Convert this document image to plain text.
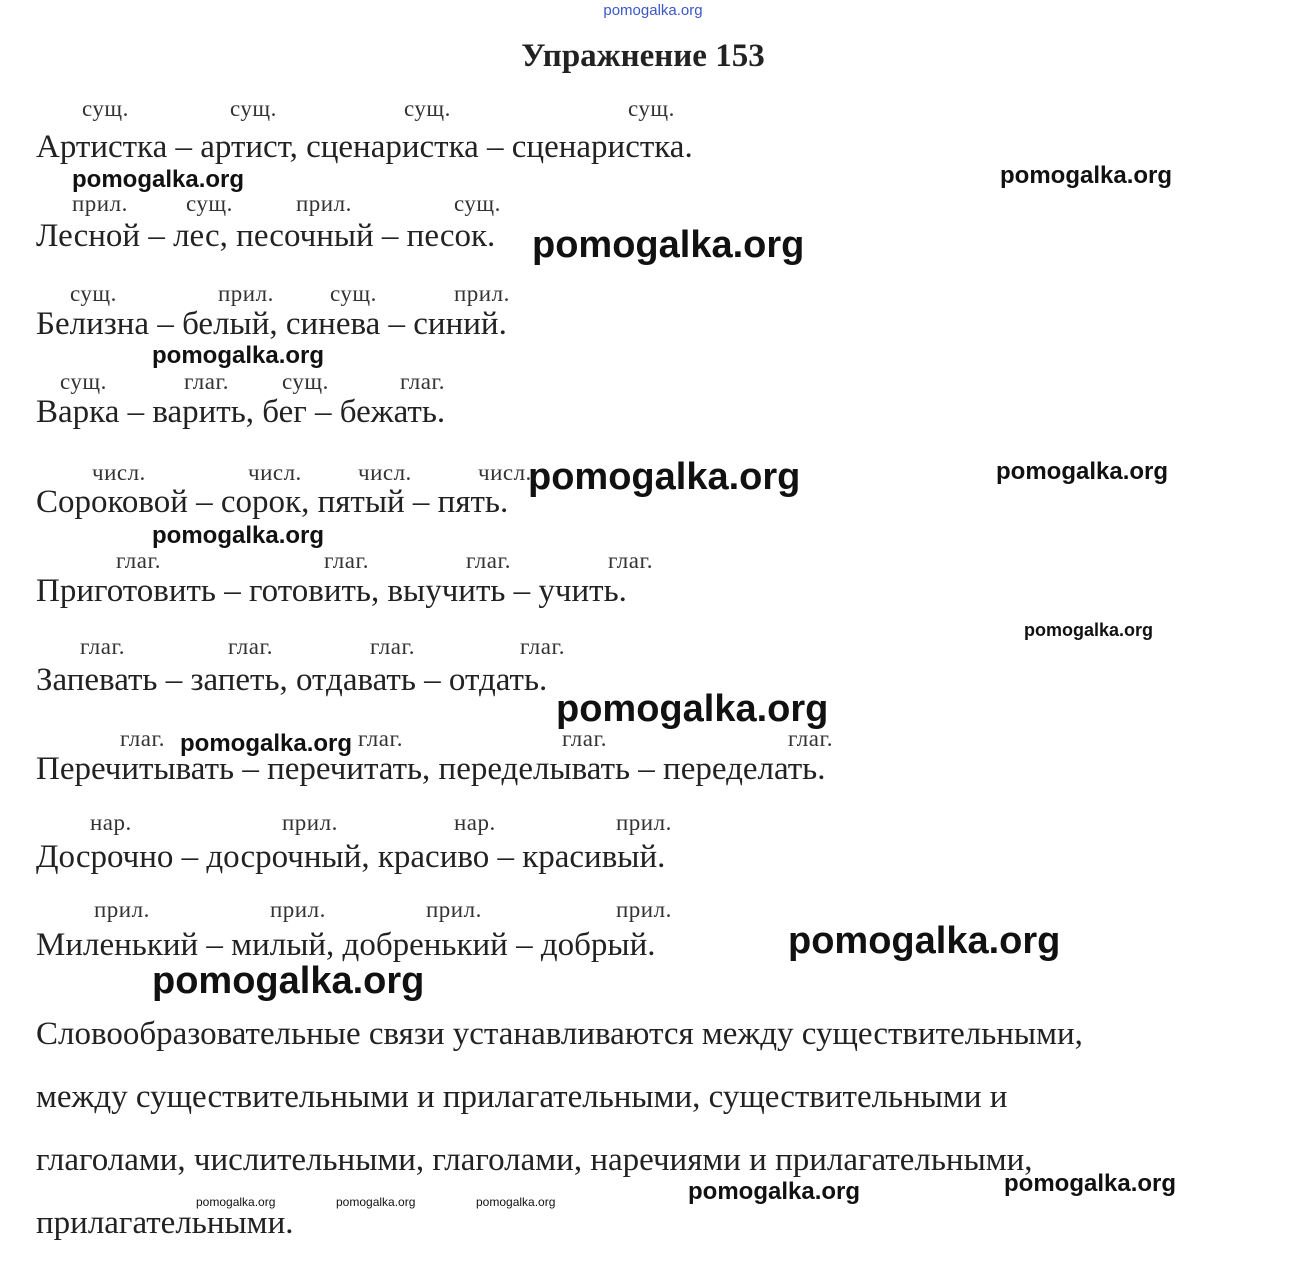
pomogalka.org
Упражнение 153
сущ.	сущ.	сущ.	сущ.
Артистка – артист, сценаристка – сценаристка.
прил.	сущ.	прил.	сущ.
Лесной – лес, песочный – песок.
сущ.	прил. сущ.	прил.
Белизна – белый, синева – синий.
сущ.	глаг. сущ.	глаг.
Варка – варить, бег – бежать.
числ.	числ. числ.	числ.
Сороковой – сорок, пятый – пять.
глаг.	глаг.	глаг.	глаг.
Приготовить – готовить, выучить – учить.
глаг.	глаг.	глаг.	глаг.
Запевать – запеть, отдавать – отдать.
глаг.	глаг.	глаг.	глаг.
Перечитывать – перечитать, переделывать – переделать.
нар.	прил.	нар.	прил.
Досрочно – досрочный, красиво – красивый.
прил.	прил.	прил.	прил.
Миленький – милый, добренький – добрый.
Словообразовательные связи устанавливаются между существительными,
между существительными и прилагательными, существительными и
глаголами, числительными, глаголами, наречиями и прилагательными,
прилагательными.
pomogalka.org	pomogalka.org
pomogalka.org
pomogalka.org
pomogalka.org	pomogalka.org
pomogalka.org
pomogalka.org
pomogalka.org
pomogalka.org
pomogalka.org
pomogalka.org
pomogalka.org	pomogalka.org
pomogalka.org	pomogalka.org	pomogalka.org
